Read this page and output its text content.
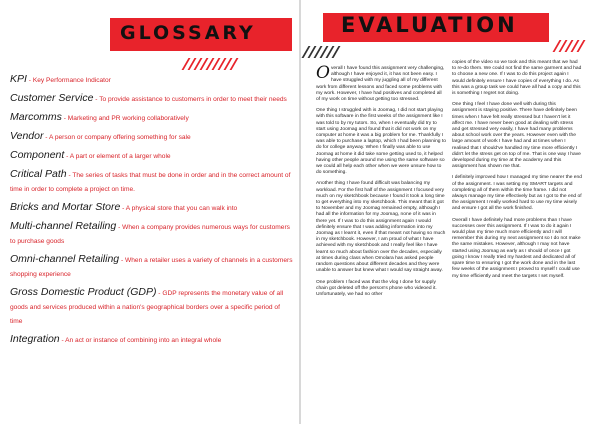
GLOSSARY
KPI - Key Performance Indicator
Customer Service - To provide assistance to customerrs in order to meet their needs
Marcomms - Marketing and PR working collaboratively
Vendor - A person or company offering something for sale
Component - A part or element of a larger whole
Critical Path - The series of tasks that must be done in order and in the correct amount of time in order to complete a project on time.
Bricks and Mortar Store - A physical store that you can walk into
Multi-channel Retailing - When a company provides numerous ways for customers to purchase goods
Omni-channel Retailing - When a retailer uses a variety of channels in a customers shopping experience
Gross Domestic Product (GDP) - GDP represents the monetary value of all goods and services produced within a nation's geographical borders over a specific period of time
Integration - An act or instance of combining into an integral whole
EVALUATION

Overall I have found this assignment very challenging, although I have enjoyed it, it has not been easy. I have struggled with my juggling all of my different work from different lessons and faced some problems with my work. However, I have had positives and completed all of my work on time without getting too stressed.

One thing I struggled with is Joomag, I did not start playing with this software in the first weeks of the assignment like I was told to by my tutors. So, when I eventually did try to start using Joomag and found that it did not work on my computer at home it was a big problem for me. Thankfully I was able to purchase a laptop, which I had been planning to do for college anyway. When I finally was able to use Joomag at home it did take some getting used to, it helped having other people around me using the same software so we could all help each other when we were unsure how to do something.

Another thing I have found difficult was balancing my workload. For the first half of the assignment I focused very much on my sketchbook because I found it took a long time to get everything into my sketchbook. This meant that it got to November and my Joomag remained empty, although I had all the information for my Joomag, none of it was in there yet. If I was to do this assignment again I would definitely ensure that I was adding information into my Joomag as I learnt it, even if that meant not having so much in my sketchbook. However, I am proud of what I have achieved with my sketchbook and I really feel like I have learnt so much about fashion over the decades, especially at times during class when Omolara has asked people random questions about different decades and they were unable to answer but knew what I would say straight away.

One problem I faced was that the vlog I done for supply chain got deleted off the person's phone who videoed it. Unfortunately, we had no other

copies of the video so we took and this meant that we had to re-do them. We could not find the same garment and had to choose a new one. If I was to do this project again I would definitely ensure I have copies of everything I do. As this was a group task we could have all had a copy and this is something I regret not doing.

One thing I feel I have done well with during this assignment is staying positive. There have definitely been times when I have felt really stressed but I haven't let it affect me. I have never been good at dealing with stress and get stressed very easily, I have had many problems about school work over the years. However even with the large amount of work I have had and at times when I realised that I should've handled my time more efficiently I didn't let the stress get on top of me. That is one way I have developed during my time at the academy and this assignment has shown me that.

I definitely improved how I managed my time nearer the end of the assignment. I was setting my SMART targets and completing all of them within the time frame. I did not always manage my time effectively but as I got to the end of the assignment I really worked hard to use my time wisely and ensure I got all the work finished.

Overall I have definitely had more problems than I have successes over this assignment. If I was to do it again I would plan my time much more efficiently and I will remember this during my next assignment so I do not make the same mistakes. However, although I may not have started using Joomag as early as I should of once I got going I know I really tried my hardest and dedicated all of spare time to ensuring I got the work done and in the last few weeks of the assignment I proved to myself I could use my time efficiently and meet the targets I set myself.
